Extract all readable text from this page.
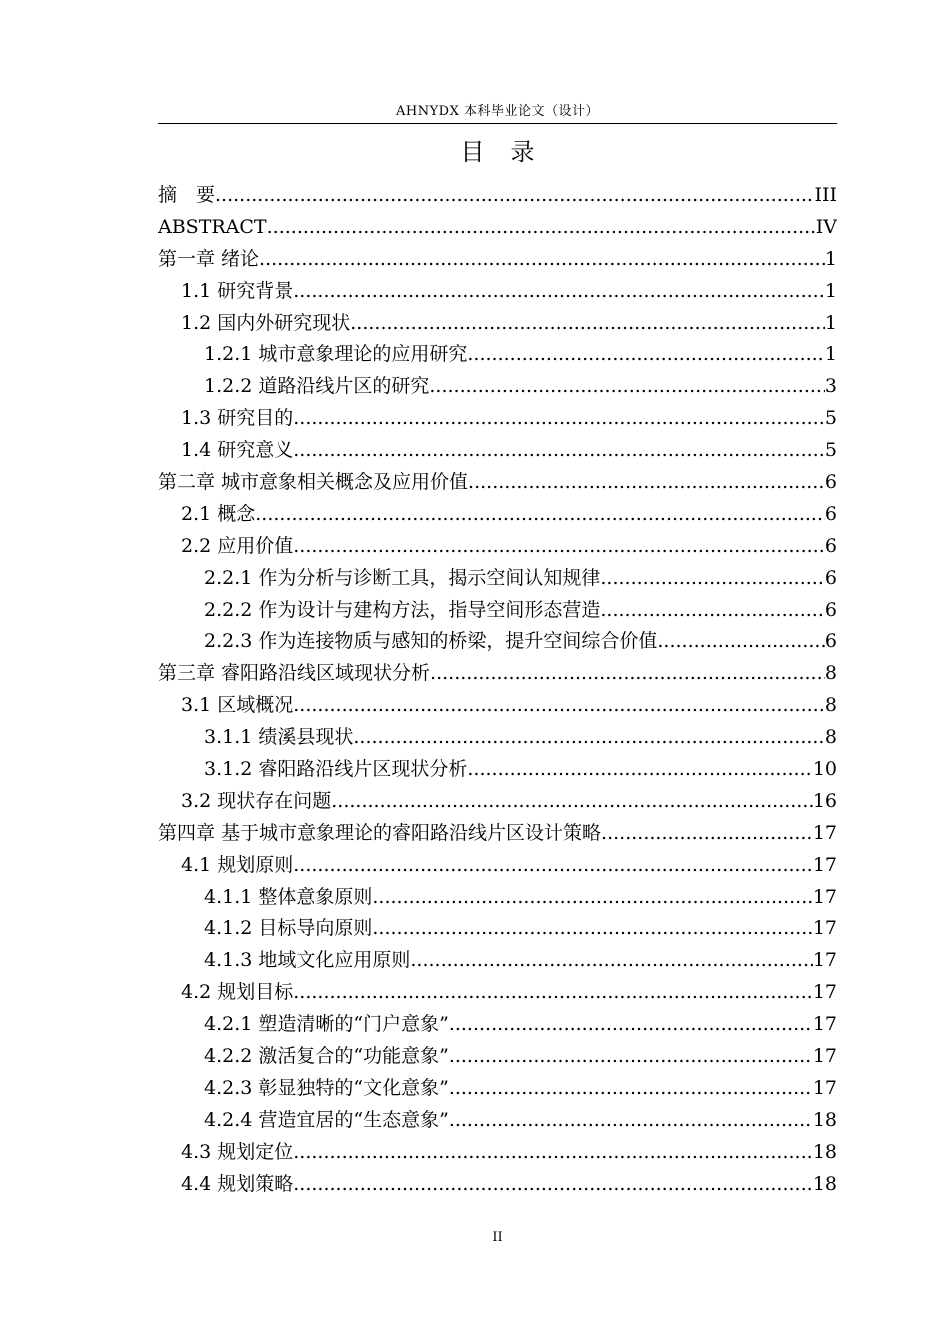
AHNYDX 本科毕业论文（设计）
目录
摘　要 .....	III
ABSTRACT .....	IV
第一章 绪论 .....	1
1.1 研究背景 .....	1
1.2 国内外研究现状 .....	1
1.2.1 城市意象理论的应用研究 .....	1
1.2.2 道路沿线片区的研究 .....	3
1.3 研究目的 .....	5
1.4 研究意义 .....	5
第二章 城市意象相关概念及应用价值 .....	6
2.1 概念 .....	6
2.2 应用价值 .....	6
2.2.1 作为分析与诊断工具，揭示空间认知规律 .....	6
2.2.2 作为设计与建构方法，指导空间形态营造 .....	6
2.2.3 作为连接物质与感知的桥梁，提升空间综合价值 .....	6
第三章 睿阳路沿线区域现状分析 .....	8
3.1 区域概况 .....	8
3.1.1 绩溪县现状 .....	8
3.1.2 睿阳路沿线片区现状分析 .....	10
3.2 现状存在问题 .....	16
第四章 基于城市意象理论的睿阳路沿线片区设计策略 .....	17
4.1 规划原则 .....	17
4.1.1 整体意象原则 .....	17
4.1.2 目标导向原则 .....	17
4.1.3 地域文化应用原则 .....	17
4.2 规划目标 .....	17
4.2.1 塑造清晰的“门户意象” .....	17
4.2.2 激活复合的“功能意象” .....	17
4.2.3 彰显独特的“文化意象” .....	17
4.2.4 营造宜居的“生态意象” .....	18
4.3 规划定位 .....	18
4.4 规划策略 .....	18
II
